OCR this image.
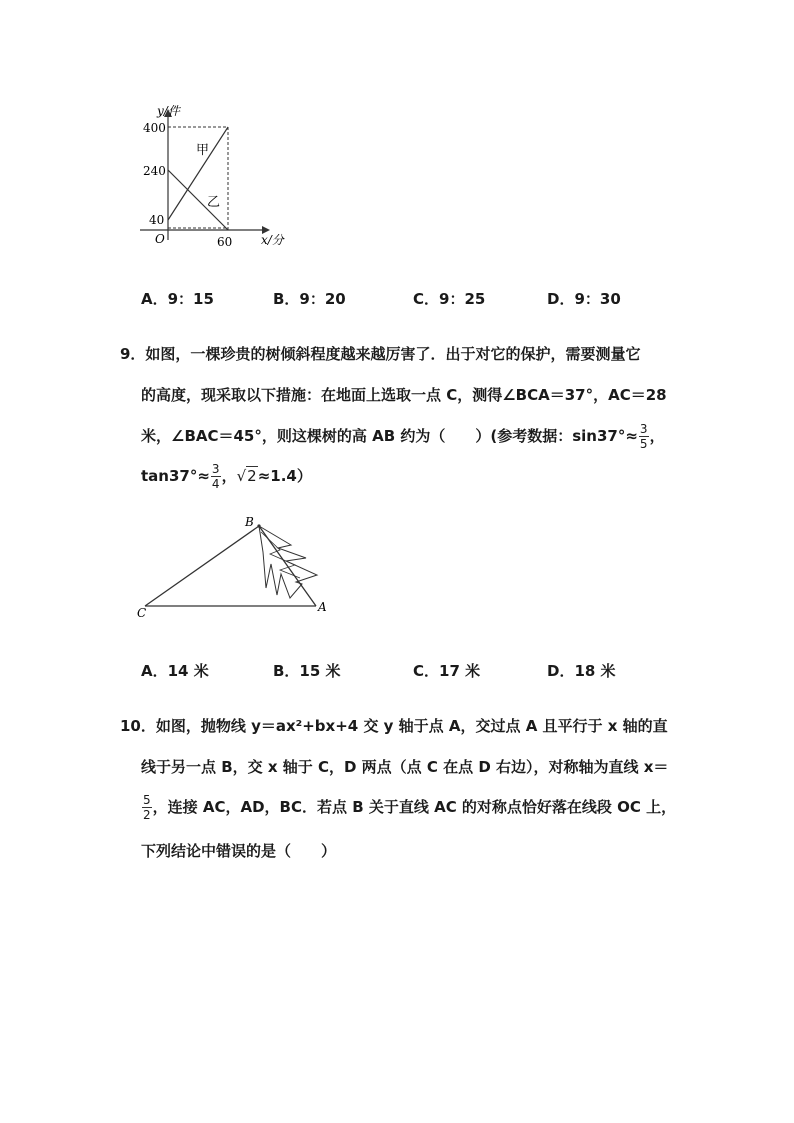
y/件
400
240
40
O	60 x/分
甲
乙
A．9：15	B．9：20	C．9：25	D．9：30
9．如图，一棵珍贵的树倾斜程度越来越厉害了．出于对它的保护，需要测量它
的高度，现采取以下措施：在地面上选取一点 C，测得∠BCA＝37°，AC＝28
米，∠BAC＝45°，则这棵树的高 AB 约为（　　）(参考数据：$\sin 37^\circ\approx \frac{3}{5}$ ，
$\tan 37^\circ\approx \frac{3}{4}$ ，√2≈1.4）
B
C	A
A．14 米	B．15 米	C．17 米	D．18 米
10．如图，抛物线 y＝ax²+bx+4 交 y 轴于点 A，交过点 A 且平行于 x 轴的直
线于另一点 B，交 x 轴于 C，D 两点（点 C 在点 D 右边），对称轴为直线 x＝
$\frac{5}{2}$ ，连接 AC，AD，BC．若点 B 关于直线 AC 的对称点恰好落在线段 OC 上，
下列结论中错误的是（　　）
